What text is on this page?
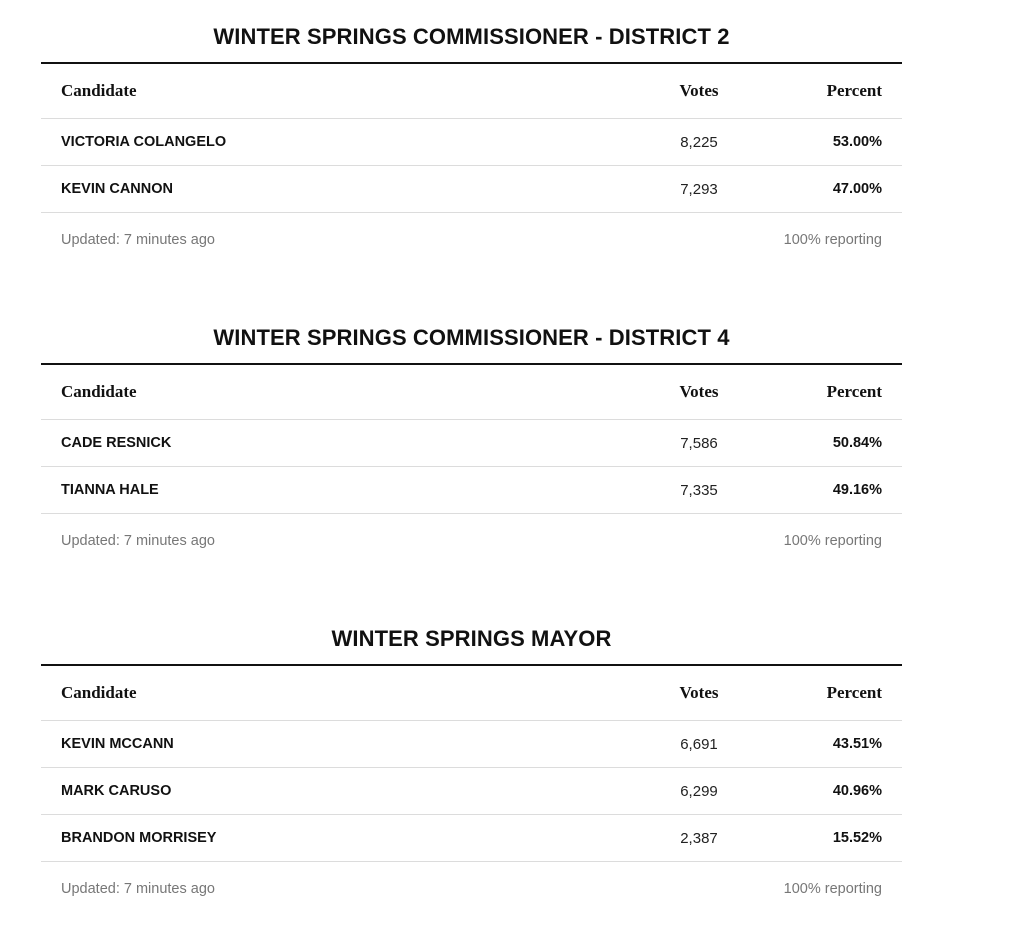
WINTER SPRINGS COMMISSIONER - DISTRICT 2
Candidate	Votes	Percent
VICTORIA COLANGELO	8,225	53.00%
KEVIN CANNON	7,293	47.00%
Updated: 7 minutes ago	100% reporting
WINTER SPRINGS COMMISSIONER - DISTRICT 4
Candidate	Votes	Percent
CADE RESNICK	7,586	50.84%
TIANNA HALE	7,335	49.16%
Updated: 7 minutes ago	100% reporting
WINTER SPRINGS MAYOR
Candidate	Votes	Percent
KEVIN MCCANN	6,691	43.51%
MARK CARUSO	6,299	40.96%
BRANDON MORRISEY	2,387	15.52%
Updated: 7 minutes ago	100% reporting
